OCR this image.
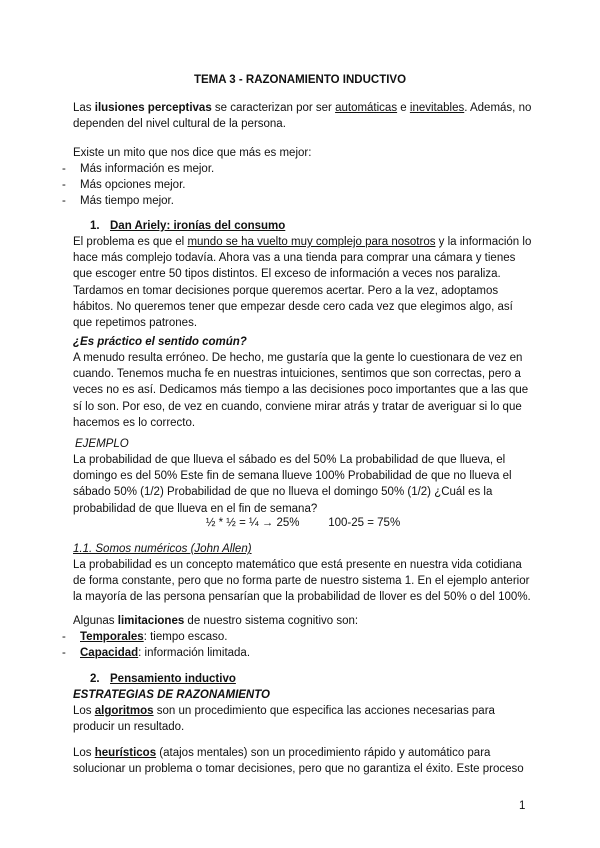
TEMA 3 - RAZONAMIENTO INDUCTIVO

Las ilusiones perceptivas se caracterizan por ser automáticas e inevitables. Además, no dependen del nivel cultural de la persona.

Existe un mito que nos dice que más es mejor:

- Más información es mejor.
- Más opciones mejor.
- Más tiempo mejor.
1. Dan Ariely: ironías del consumo

El problema es que el mundo se ha vuelto muy complejo para nosotros y la información lo hace más complejo todavía. Ahora vas a una tienda para comprar una cámara y tienes que escoger entre 50 tipos distintos. El exceso de información a veces nos paraliza. Tardamos en tomar decisiones porque queremos acertar. Pero a la vez, adoptamos hábitos. No queremos tener que empezar desde cero cada vez que elegimos algo, así que repetimos patrones.

¿Es práctico el sentido común?

A menudo resulta erróneo. De hecho, me gustaría que la gente lo cuestionara de vez en cuando. Tenemos mucha fe en nuestras intuiciones, sentimos que son correctas, pero a veces no es así. Dedicamos más tiempo a las decisiones poco importantes que a las que sí lo son. Por eso, de vez en cuando, conviene mirar atrás y tratar de averiguar si lo que hacemos es lo correcto.

EJEMPLO

La probabilidad de que llueva el sábado es del 50% La probabilidad de que llueva, el domingo es del 50% Este fin de semana llueve 100% Probabilidad de que no llueva el sábado 50% (1/2) Probabilidad de que no llueva el domingo 50% (1/2) ¿Cuál es la probabilidad de que llueva en el fin de semana?

½ * ½ = ¼ → 25%         100-25 = 75%

1.1. Somos numéricos (John Allen)

La probabilidad es un concepto matemático que está presente en nuestra vida cotidiana de forma constante, pero que no forma parte de nuestro sistema 1. En el ejemplo anterior la mayoría de las persona pensarían que la probabilidad de llover es del 50% o del 100%.

Algunas limitaciones de nuestro sistema cognitivo son:

- Temporales: tiempo escaso.
- Capacidad: información limitada.
2. Pensamiento inductivo

ESTRATEGIAS DE RAZONAMIENTO

Los algoritmos son un procedimiento que especifica las acciones necesarias para producir un resultado.

Los heurísticos (atajos mentales) son un procedimiento rápido y automático para solucionar un problema o tomar decisiones, pero que no garantiza el éxito. Este proceso

1
